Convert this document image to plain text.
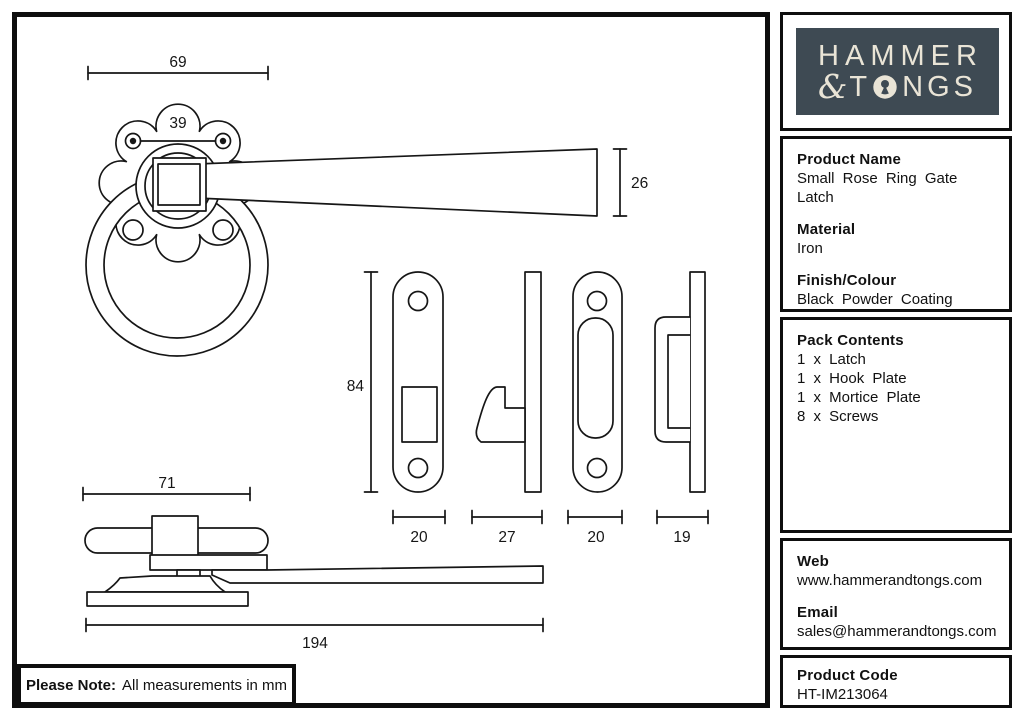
39
69
26
84
20	27	20	19
71
194
Please Note: All measurements in mm
HAMMER
& T NGS
Product Name
Small Rose Ring Gate Latch
Material
Iron
Finish/Colour
Black Powder Coating
Pack Contents
1 x Latch
1 x Hook Plate
1 x Mortice Plate
8 x Screws
Web
www.hammerandtongs.com
Email
sales@hammerandtongs.com
Product Code
HT-IM213064
